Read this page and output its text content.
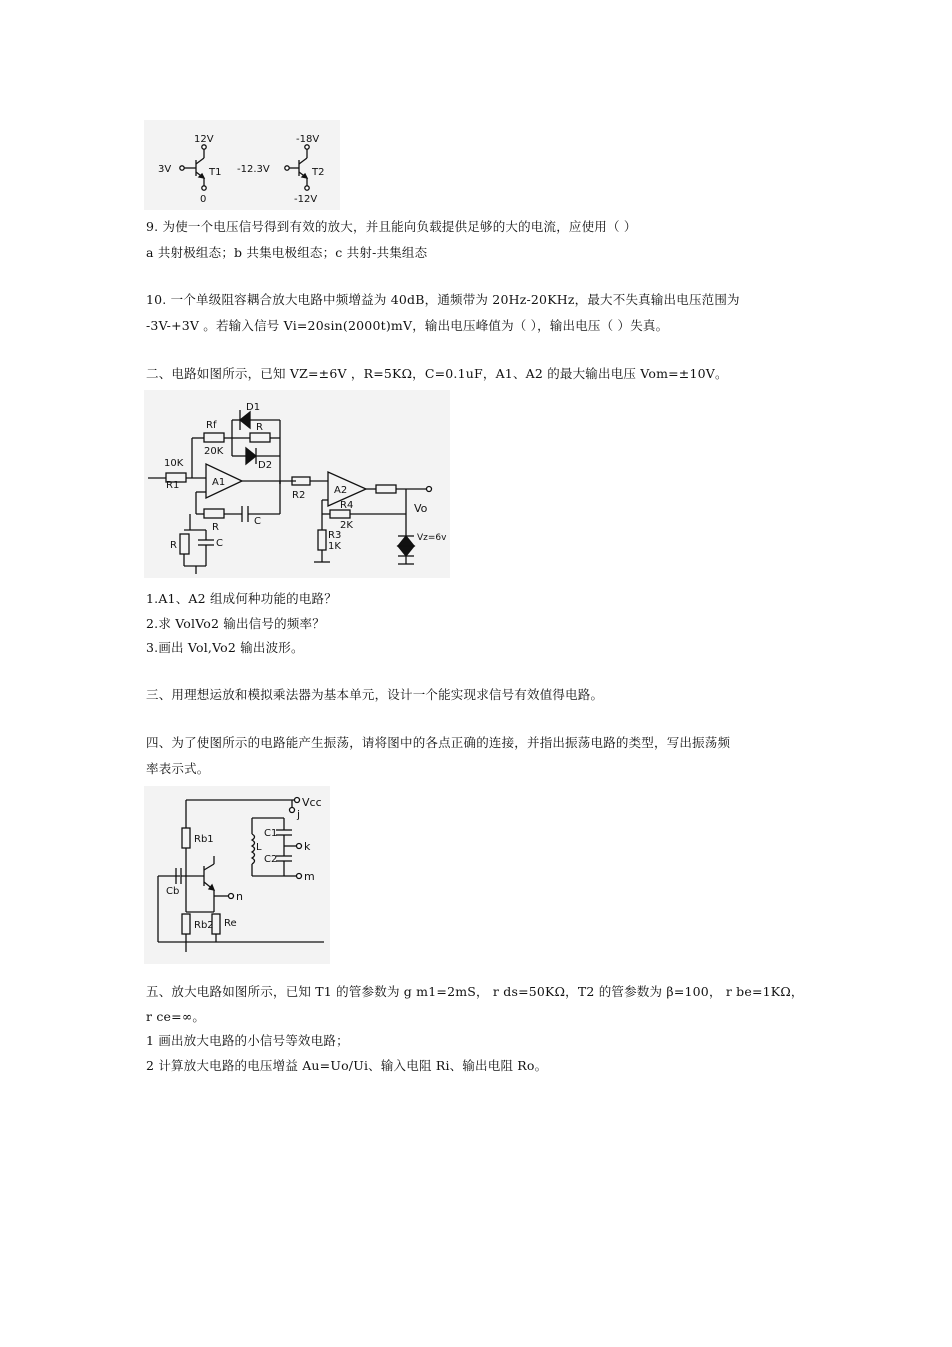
12V
0
3V	T1
-18V
-12V
-12.3V	T2
9. 为使一个电压信号得到有效的放大，并且能向负载提供足够的大的电流，应使用（ ）
a 共射极组态；b 共集电极组态；c 共射-共集组态
10. 一个单级阻容耦合放大电路中频增益为 40dB，通频带为 20Hz-20KHz，最大不失真输出电压范围为
-3V-+3V 。若输入信号 Vi=20sin(2000t)mV，输出电压峰值为（ ），输出电压（ ）失真。
二、电路如图所示，已知 VZ=±6V ，R=5KΩ，C=0.1uF，A1、A2 的最大输出电压 Vom=±10V。
D1
Rf	R
20K
D2
10K
R1	A1
R
C
R	C
R2	A2
Vo
R4
2K
R3
1K
Vz=6v
1.A1、A2 组成何种功能的电路？
2.求 VolVo2 输出信号的频率？
3.画出 Vol,Vo2 输出波形。
三、用理想运放和模拟乘法器为基本单元，设计一个能实现求信号有效值得电路。
四、为了使图所示的电路能产生振荡，请将图中的各点正确的连接，并指出振荡电路的类型，写出振荡频
率表示式。
Vcc
j
Rb1
L
C1
C2
k
m
Cb	n
Rb2 Re
五、放大电路如图所示，已知 T1 的管参数为 g m1=2mS， r ds=50KΩ，T2 的管参数为 β=100， r be=1KΩ，
r ce=∞。
1 画出放大电路的小信号等效电路；
2 计算放大电路的电压增益 Au=Uo/Ui、输入电阻 Ri、输出电阻 Ro。
